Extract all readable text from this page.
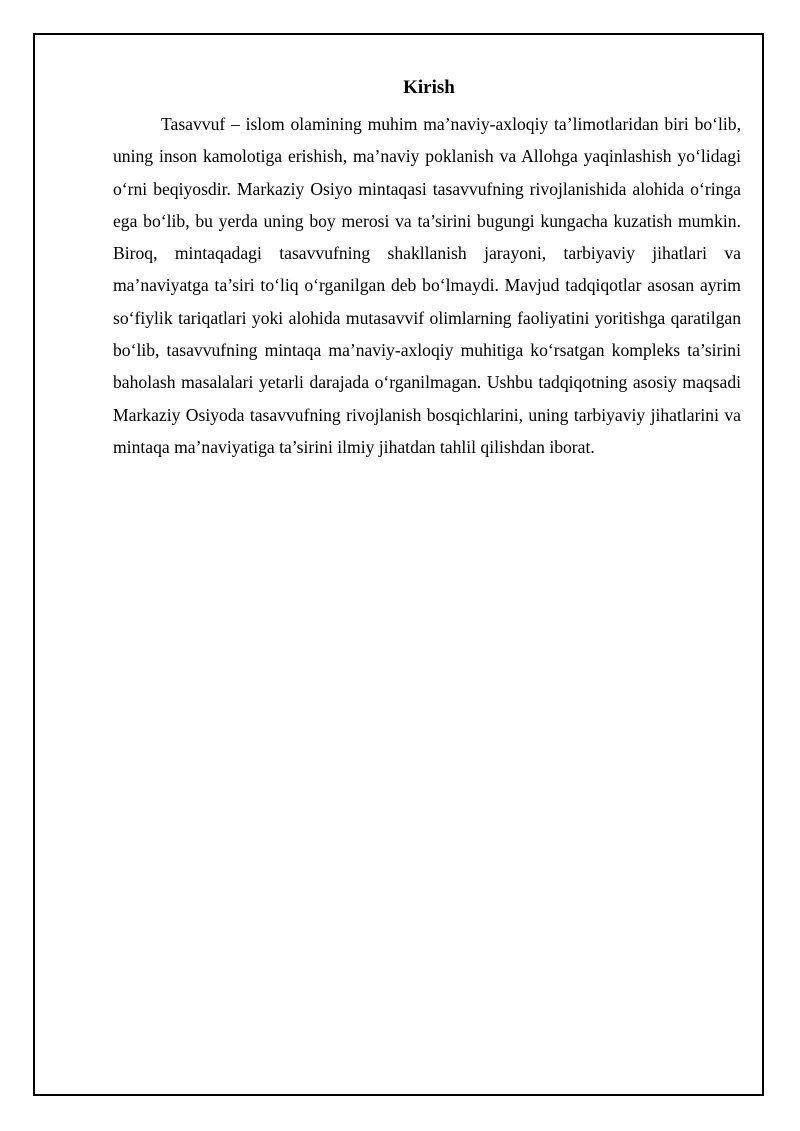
Kirish

Tasavvuf – islom olamining muhim ma’naviy-axloqiy ta’limotlaridan biri bo‘lib, uning inson kamolotiga erishish, ma’naviy poklanish va Allohga yaqinlashish yo‘lidagi o‘rni beqiyosdir. Markaziy Osiyo mintaqasi tasavvufning rivojlanishida alohida o‘ringa ega bo‘lib, bu yerda uning boy merosi va ta’sirini bugungi kungacha kuzatish mumkin. Biroq, mintaqadagi tasavvufning shakllanish jarayoni, tarbiyaviy jihatlari va ma’naviyatga ta’siri to‘liq o‘rganilgan deb bo‘lmaydi. Mavjud tadqiqotlar asosan ayrim so‘fiylik tariqatlari yoki alohida mutasavvif olimlarning faoliyatini yoritishga qaratilgan bo‘lib, tasavvufning mintaqa ma’naviy-axloqiy muhitiga ko‘rsatgan kompleks ta’sirini baholash masalalari yetarli darajada o‘rganilmagan. Ushbu tadqiqotning asosiy maqsadi Markaziy Osiyoda tasavvufning rivojlanish bosqichlarini, uning tarbiyaviy jihatlarini va mintaqa ma’naviyatiga ta’sirini ilmiy jihatdan tahlil qilishdan iborat.
